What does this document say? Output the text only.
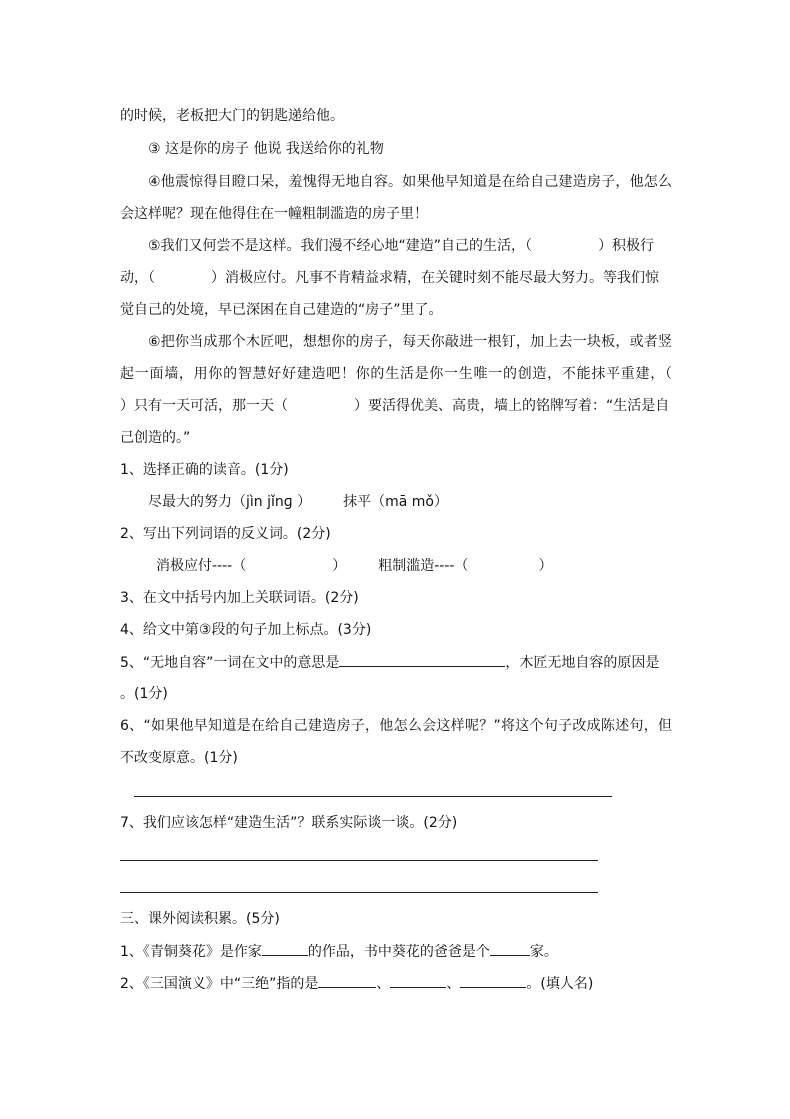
的时候，老板把大门的钥匙递给他。
③ 这是你的房子 他说 我送给你的礼物
④他震惊得目瞪口呆，羞愧得无地自容。如果他早知道是在给自己建造房子，他怎么
会这样呢？现在他得住在一幢粗制滥造的房子里！
⑤我们又何尝不是这样。我们漫不经心地“建造”自己的生活，（	）积极行
动，（	）消极应付。凡事不肯精益求精，在关键时刻不能尽最大努力。等我们惊
觉自己的处境，早已深困在自己建造的“房子”里了。
⑥把你当成那个木匠吧，想想你的房子，每天你敲进一根钉，加上去一块板，或者竖
起一面墙，用你的智慧好好建造吧！你的生活是你一生唯一的创造，不能抹平重建，（
）只有一天可活，那一天（	）要活得优美、高贵，墙上的铭牌写着：“生活是自
己创造的。”
1、选择正确的读音。(1分)
尽最大的努力（jìn jǐnɡ ） 抹平（mā mǒ）
2、写出下列词语的反义词。(2分)
消极应付----（	） 粗制滥造----（	）
3、在文中括号内加上关联词语。(2分)
4、给文中第③段的句子加上标点。(3分)
5、“无地自容”一词在文中的意思是	，木匠无地自容的原因是
。(1分)
6、“如果他早知道是在给自己建造房子，他怎么会这样呢？”将这个句子改成陈述句，但
不改变原意。(1分)
7、我们应该怎样“建造生活”？联系实际谈一谈。(2分)
三、课外阅读积累。(5分)
1、《青铜葵花》是作家	的作品，书中葵花的爸爸是个	家。
2、《三国演义》中“三绝”指的是	、	、	。(填人名)
